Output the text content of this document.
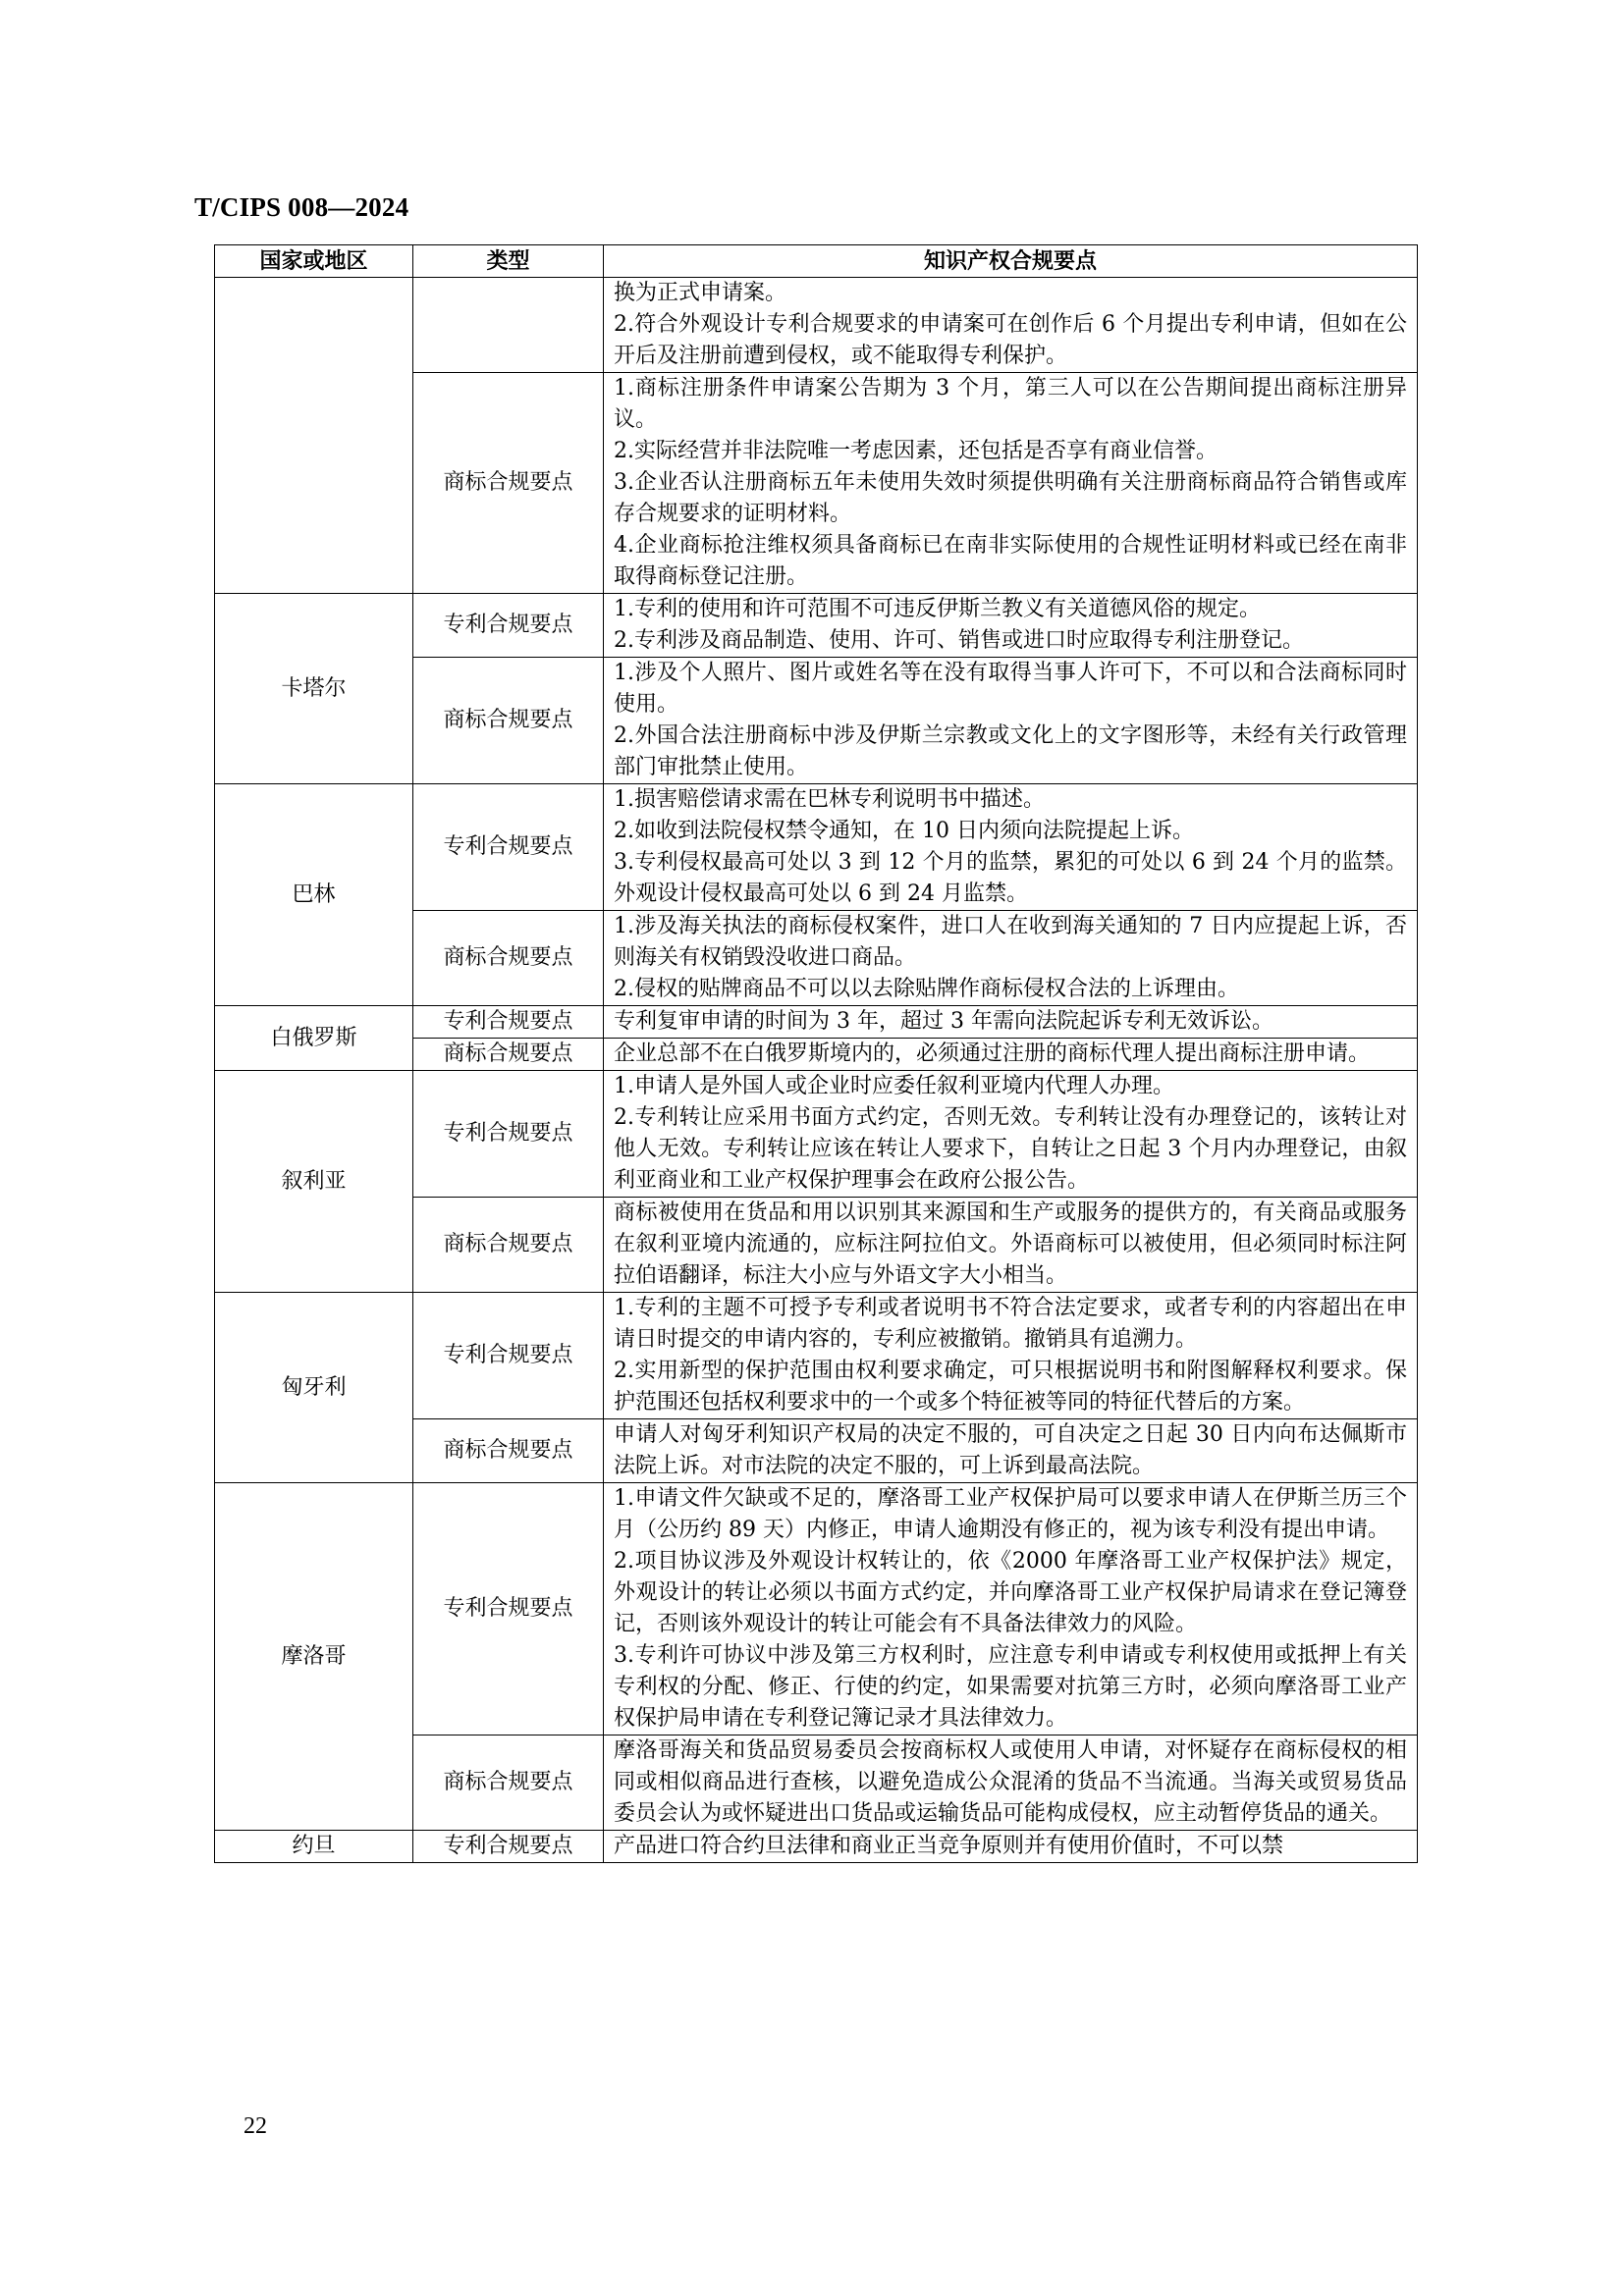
T/CIPS 008—2024
国家或地区	类型	知识产权合规要点
		换为正式申请案。
2.符合外观设计专利合规要求的申请案可在创作后 6 个月提出专利申请，但如在公开后及注册前遭到侵权，或不能取得专利保护。
	商标合规要点	1.商标注册条件申请案公告期为 3 个月，第三人可以在公告期间提出商标注册异议。
2.实际经营并非法院唯一考虑因素，还包括是否享有商业信誉。
3.企业否认注册商标五年未使用失效时须提供明确有关注册商标商品符合销售或库存合规要求的证明材料。
4.企业商标抢注维权须具备商标已在南非实际使用的合规性证明材料或已经在南非取得商标登记注册。
卡塔尔	专利合规要点	1.专利的使用和许可范围不可违反伊斯兰教义有关道德风俗的规定。
2.专利涉及商品制造、使用、许可、销售或进口时应取得专利注册登记。
	商标合规要点	1.涉及个人照片、图片或姓名等在没有取得当事人许可下，不可以和合法商标同时使用。
2.外国合法注册商标中涉及伊斯兰宗教或文化上的文字图形等，未经有关行政管理部门审批禁止使用。
巴林	专利合规要点	1.损害赔偿请求需在巴林专利说明书中描述。
2.如收到法院侵权禁令通知，在 10 日内须向法院提起上诉。
3.专利侵权最高可处以 3 到 12 个月的监禁，累犯的可处以 6 到 24 个月的监禁。外观设计侵权最高可处以 6 到 24 月监禁。
	商标合规要点	1.涉及海关执法的商标侵权案件，进口人在收到海关通知的 7 日内应提起上诉，否则海关有权销毁没收进口商品。
2.侵权的贴牌商品不可以以去除贴牌作商标侵权合法的上诉理由。
白俄罗斯	专利合规要点	专利复审申请的时间为 3 年，超过 3 年需向法院起诉专利无效诉讼。
	商标合规要点	企业总部不在白俄罗斯境内的，必须通过注册的商标代理人提出商标注册申请。
叙利亚	专利合规要点	1.申请人是外国人或企业时应委任叙利亚境内代理人办理。
2.专利转让应采用书面方式约定，否则无效。专利转让没有办理登记的，该转让对他人无效。专利转让应该在转让人要求下，自转让之日起 3 个月内办理登记，由叙利亚商业和工业产权保护理事会在政府公报公告。
	商标合规要点	商标被使用在货品和用以识别其来源国和生产或服务的提供方的，有关商品或服务在叙利亚境内流通的，应标注阿拉伯文。外语商标可以被使用，但必须同时标注阿拉伯语翻译，标注大小应与外语文字大小相当。
匈牙利	专利合规要点	1.专利的主题不可授予专利或者说明书不符合法定要求，或者专利的内容超出在申请日时提交的申请内容的，专利应被撤销。撤销具有追溯力。
2.实用新型的保护范围由权利要求确定，可只根据说明书和附图解释权利要求。保护范围还包括权利要求中的一个或多个特征被等同的特征代替后的方案。
	商标合规要点	申请人对匈牙利知识产权局的决定不服的，可自决定之日起 30 日内向布达佩斯市法院上诉。对市法院的决定不服的，可上诉到最高法院。
摩洛哥	专利合规要点	1.申请文件欠缺或不足的，摩洛哥工业产权保护局可以要求申请人在伊斯兰历三个月（公历约 89 天）内修正，申请人逾期没有修正的，视为该专利没有提出申请。
2.项目协议涉及外观设计权转让的，依《2000 年摩洛哥工业产权保护法》规定，外观设计的转让必须以书面方式约定，并向摩洛哥工业产权保护局请求在登记簿登记，否则该外观设计的转让可能会有不具备法律效力的风险。
3.专利许可协议中涉及第三方权利时，应注意专利申请或专利权使用或抵押上有关专利权的分配、修正、行使的约定，如果需要对抗第三方时，必须向摩洛哥工业产权保护局申请在专利登记簿记录才具法律效力。
	商标合规要点	摩洛哥海关和货品贸易委员会按商标权人或使用人申请，对怀疑存在商标侵权的相同或相似商品进行查核，以避免造成公众混淆的货品不当流通。当海关或贸易货品委员会认为或怀疑进出口货品或运输货品可能构成侵权，应主动暂停货品的通关。
约旦	专利合规要点	产品进口符合约旦法律和商业正当竞争原则并有使用价值时，不可以禁
22
